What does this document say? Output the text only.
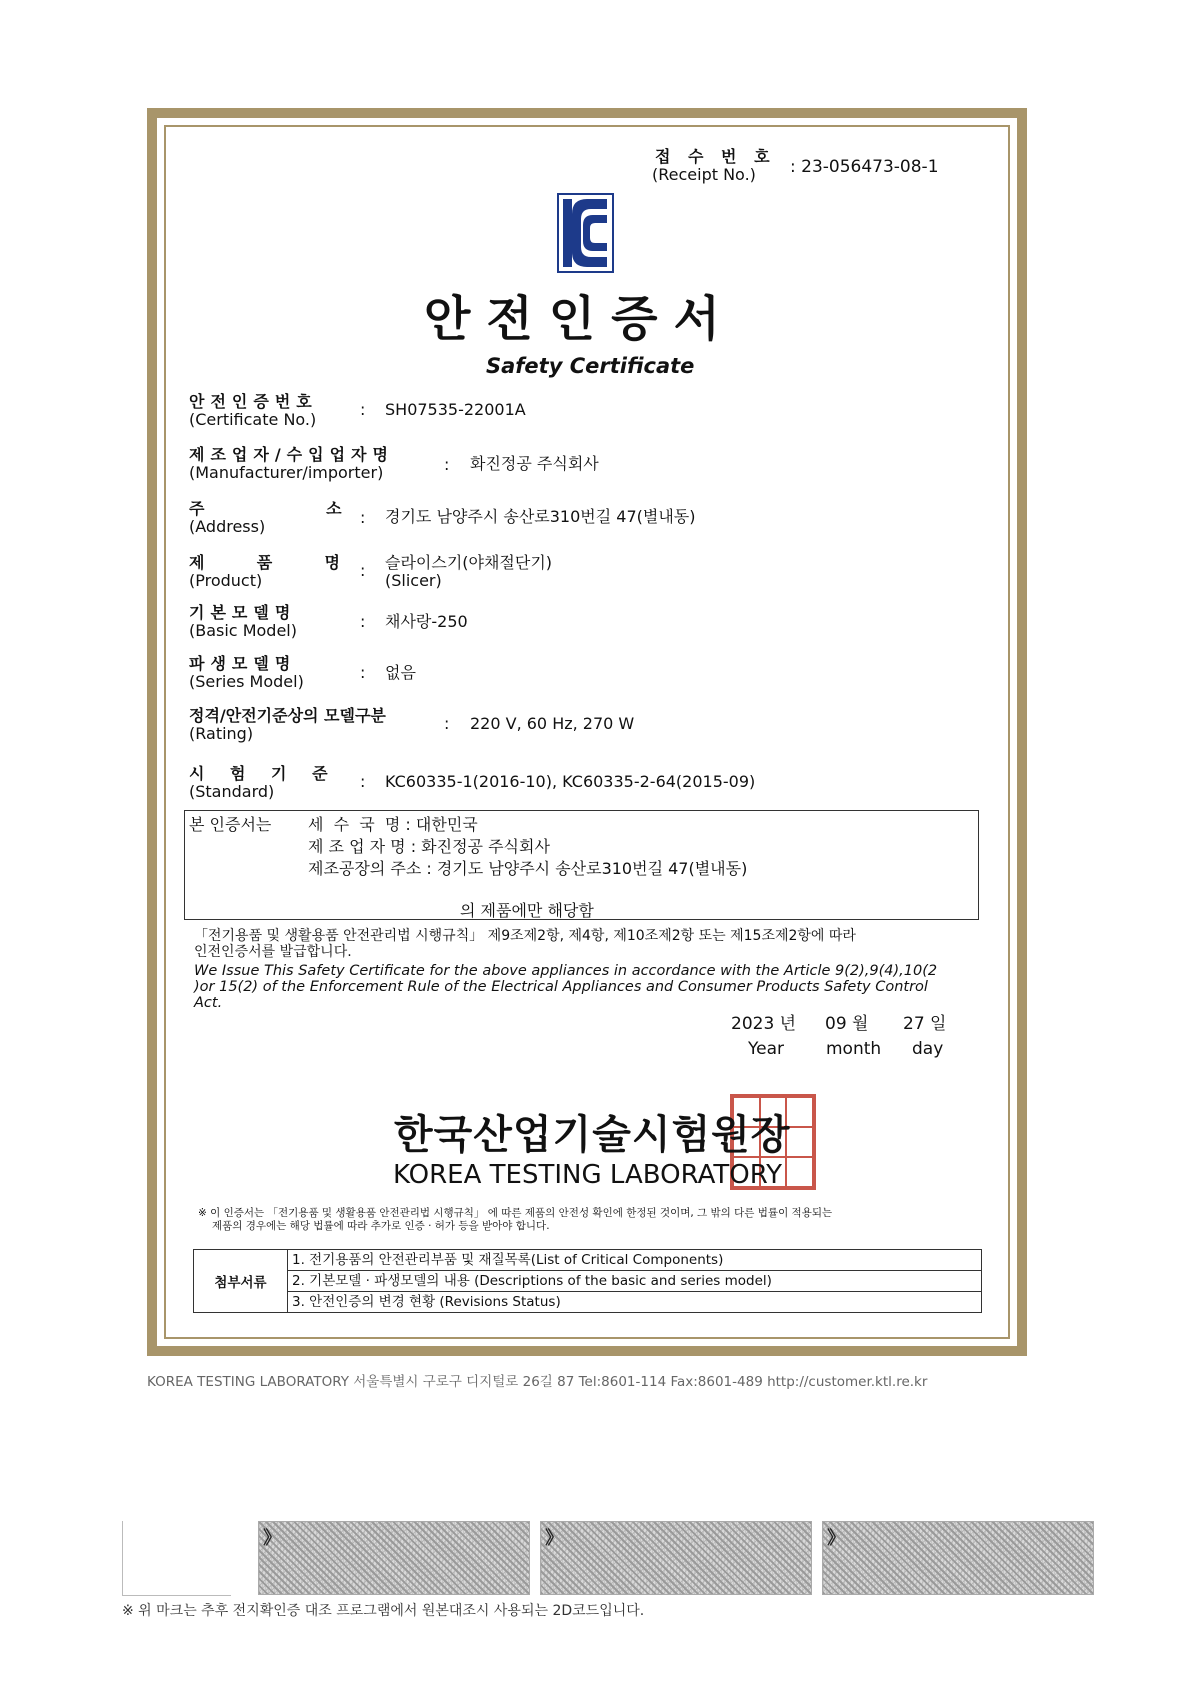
접 수 번 호
(Receipt No.) : 23-056473-08-1
안전인증서
Safety Certificate
안전인증번호
(Certificate No.)
: SH07535-22001A
제조업자/수입업자명
(Manufacturer/importer)	: 화진정공 주식회사
주          소
(Address)	: 경기도 남양주시 송산로310번길 47(별내동)
제    품    명
(Product)
: 슬라이스기(야채절단기)
(Slicer)
기본모델명
(Basic Model)	: 채사랑-250
파생모델명
(Series Model)	: 없음
정격/안전기준상의 모델구분
(Rating)
: 220 V, 60 Hz, 270 W
시 험 기 준
(Standard)
: KC60335-1(2016-10), KC60335-2-64(2015-09)
본 인증서는 세  수  국  명 : 대한민국
제 조 업 자 명 : 화진정공 주식회사
제조공장의 주소 : 경기도 남양주시 송산로310번길 47(별내동)
의 제품에만 해당함
「전기용품 및 생활용품 안전관리법 시행규칙」 제9조제2항, 제4항, 제10조제2항 또는 제15조제2항에 따라
인전인증서를 발급합니다.
We Issue This Safety Certificate for the above appliances in accordance with the Article 9(2),9(4),10(2
)or 15(2) of the Enforcement Rule of the Electrical Appliances and Consumer Products Safety Control
Act.
2023 년 09 월 27 일
Year month day
한국산업기술시험원장
KOREA TESTING LABORATORY
※ 이 인증서는 「전기용품 및 생활용품 안전관리법 시행규칙」 에 따른 제품의 안전성 확인에 한정된 것이며, 그 밖의 다른 법률이 적용되는
제품의 경우에는 해당 법률에 따라 추가로 인증 · 허가 등을 받아야 합니다.
첨부서류
1. 전기용품의 안전관리부품 및 재질목록(List of Critical Components)
2. 기본모델 · 파생모델의 내용 (Descriptions of the basic and series model)
3. 안전인증의 변경 현황 (Revisions Status)
KOREA TESTING LABORATORY 서울특별시 구로구 디지털로 26길 87 Tel:8601-114 Fax:8601-489 http://customer.ktl.re.kr
》	》	》
※ 위 마크는 추후 전지확인증 대조 프로그램에서 원본대조시 사용되는 2D코드입니다.
